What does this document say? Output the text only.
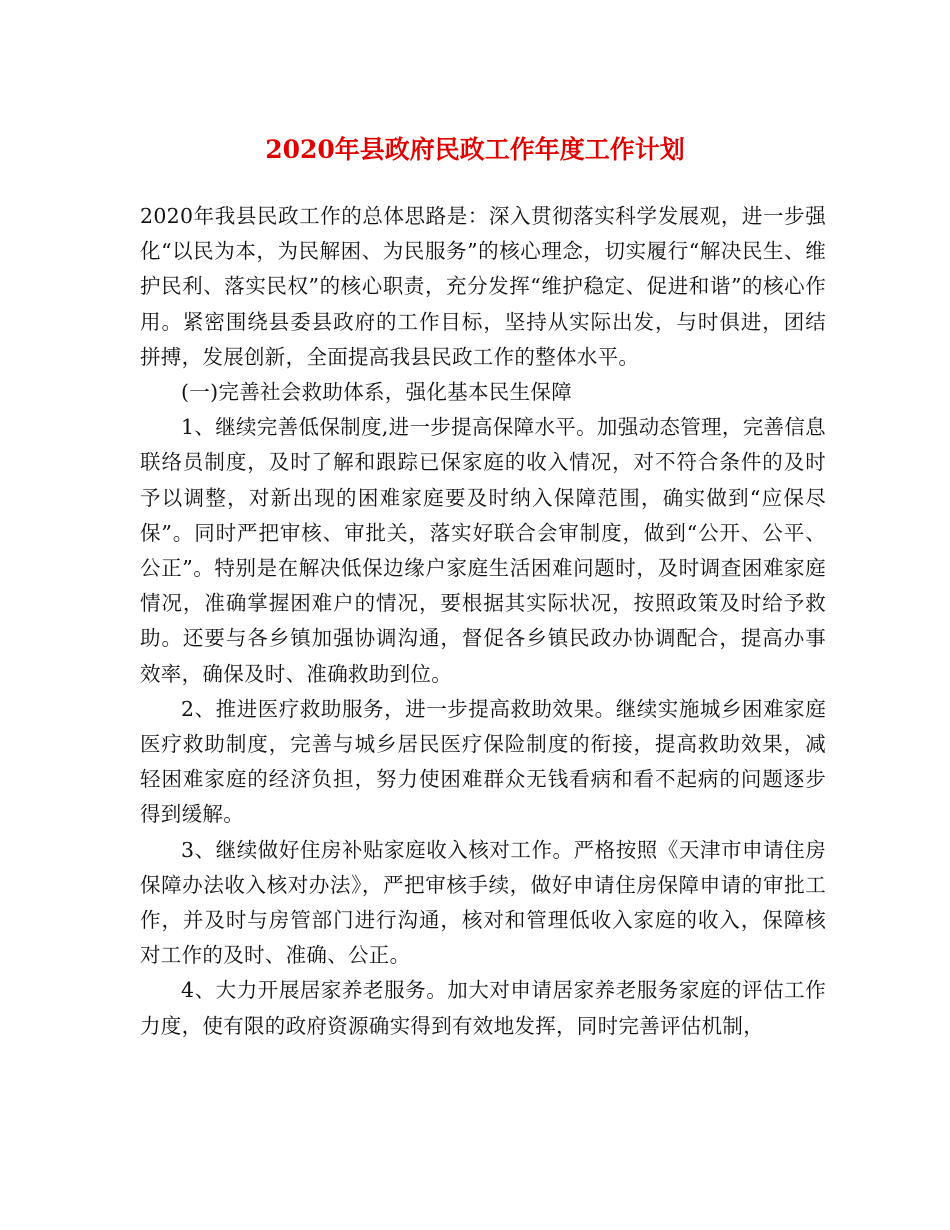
2020年县政府民政工作年度工作计划

2020年我县民政工作的总体思路是：深入贯彻落实科学发展观，进一步强化“以民为本，为民解困、为民服务”的核心理念，切实履行“解决民生、维护民利、落实民权”的核心职责，充分发挥“维护稳定、促进和谐”的核心作用。紧密围绕县委县政府的工作目标，坚持从实际出发，与时俱进，团结拼搏，发展创新，全面提高我县民政工作的整体水平。

(一)完善社会救助体系，强化基本民生保障

1、继续完善低保制度,进一步提高保障水平。加强动态管理，完善信息联络员制度，及时了解和跟踪已保家庭的收入情况，对不符合条件的及时予以调整，对新出现的困难家庭要及时纳入保障范围，确实做到“应保尽保”。同时严把审核、审批关，落实好联合会审制度，做到“公开、公平、公正”。特别是在解决低保边缘户家庭生活困难问题时，及时调查困难家庭情况，准确掌握困难户的情况，要根据其实际状况，按照政策及时给予救助。还要与各乡镇加强协调沟通，督促各乡镇民政办协调配合，提高办事效率，确保及时、准确救助到位。

2、推进医疗救助服务，进一步提高救助效果。继续实施城乡困难家庭医疗救助制度，完善与城乡居民医疗保险制度的衔接，提高救助效果，减轻困难家庭的经济负担，努力使困难群众无钱看病和看不起病的问题逐步得到缓解。

3、继续做好住房补贴家庭收入核对工作。严格按照《天津市申请住房保障办法收入核对办法》，严把审核手续，做好申请住房保障申请的审批工作，并及时与房管部门进行沟通，核对和管理低收入家庭的收入，保障核对工作的及时、准确、公正。

4、大力开展居家养老服务。加大对申请居家养老服务家庭的评估工作力度，使有限的政府资源确实得到有效地发挥，同时完善评估机制，
